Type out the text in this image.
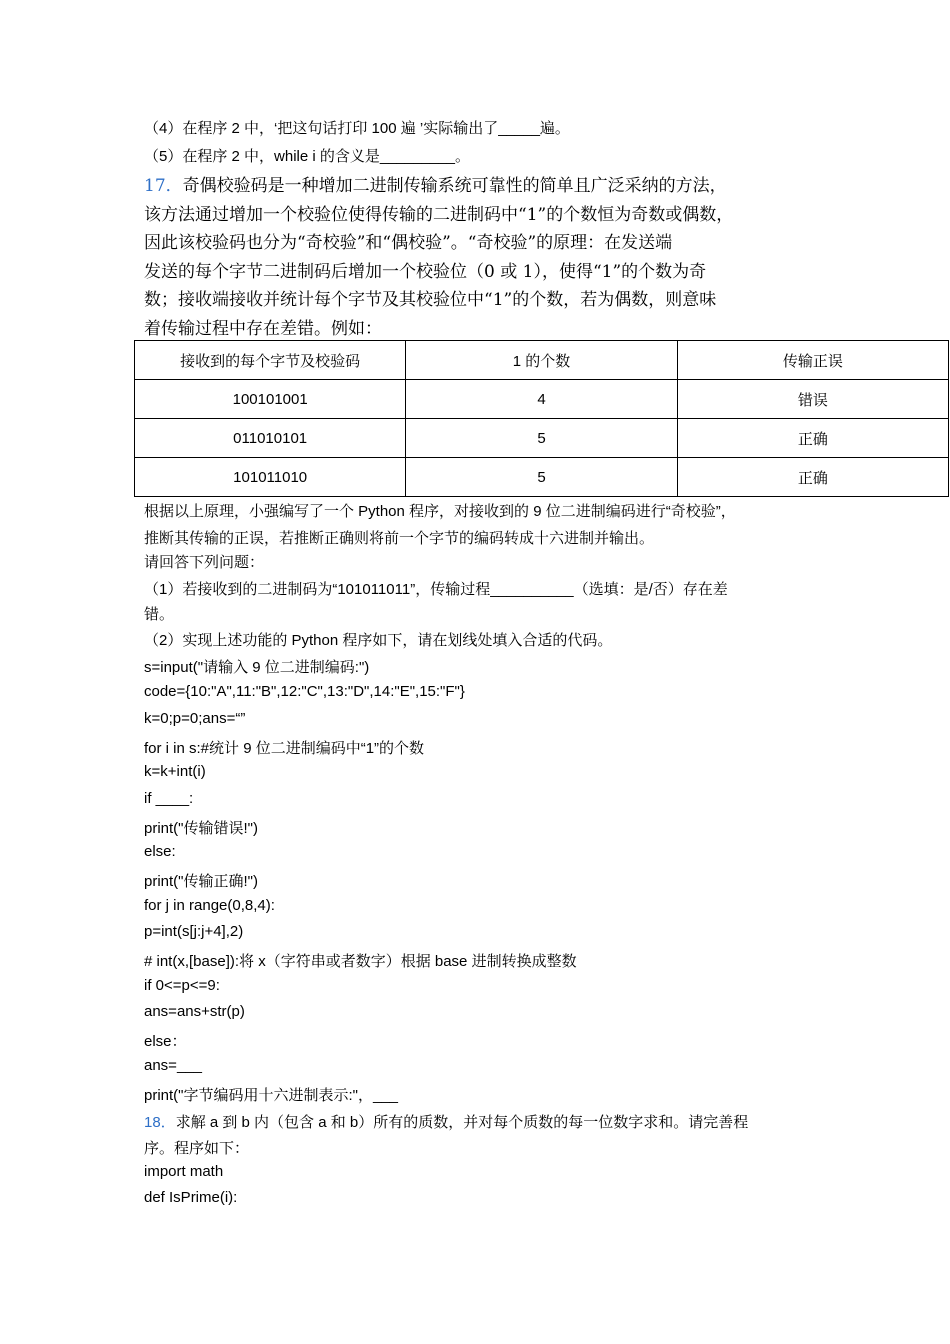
（4）在程序 2 中，‘把这句话打印 100 遍 ’实际输出了_____遍。
（5）在程序 2 中，while i 的含义是_________。
17．奇偶校验码是一种增加二进制传输系统可靠性的简单且广泛采纳的方法，
该方法通过增加一个校验位使得传输的二进制码中“1”的个数恒为奇数或偶数，
因此该校验码也分为“奇校验”和“偶校验”。“奇校验”的原理：在发送端
发送的每个字节二进制码后增加一个校验位（0 或 1），使得“1”的个数为奇
数；接收端接收并统计每个字节及其校验位中“1”的个数，若为偶数，则意味
着传输过程中存在差错。例如：
接收到的每个字节及校验码	1 的个数	传输正误
100101001	4	错误
011010101	5	正确
101011010	5	正确
根据以上原理，小强编写了一个 Python 程序，对接收到的 9 位二进制编码进行“奇校验”，
推断其传输的正误，若推断正确则将前一个字节的编码转成十六进制并输出。
请回答下列问题：
（1）若接收到的二进制码为“101011011”，传输过程__________（选填：是/否）存在差
错。
（2）实现上述功能的 Python 程序如下，请在划线处填入合适的代码。
s=input("请输入 9 位二进制编码:")
code={10:"A",11:"B",12:"C",13:"D",14:"E",15:"F"}
k=0;p=0;ans=“”
for i in s:#统计 9 位二进制编码中“1”的个数
k=k+int(i)
if ____:
print("传输错误!")
else:
print("传输正确!")
for j in range(0,8,4):
p=int(s[j:j+4],2)
# int(x,[base]):将 x（字符串或者数字）根据 base 进制转换成整数
if 0<=p<=9:
ans=ans+str(p)
else：
ans=___
print("字节编码用十六进制表示:"，___
18．求解 a 到 b 内（包含 a 和 b）所有的质数，并对每个质数的每一位数字求和。请完善程
序。程序如下：
import math
def IsPrime(i):
